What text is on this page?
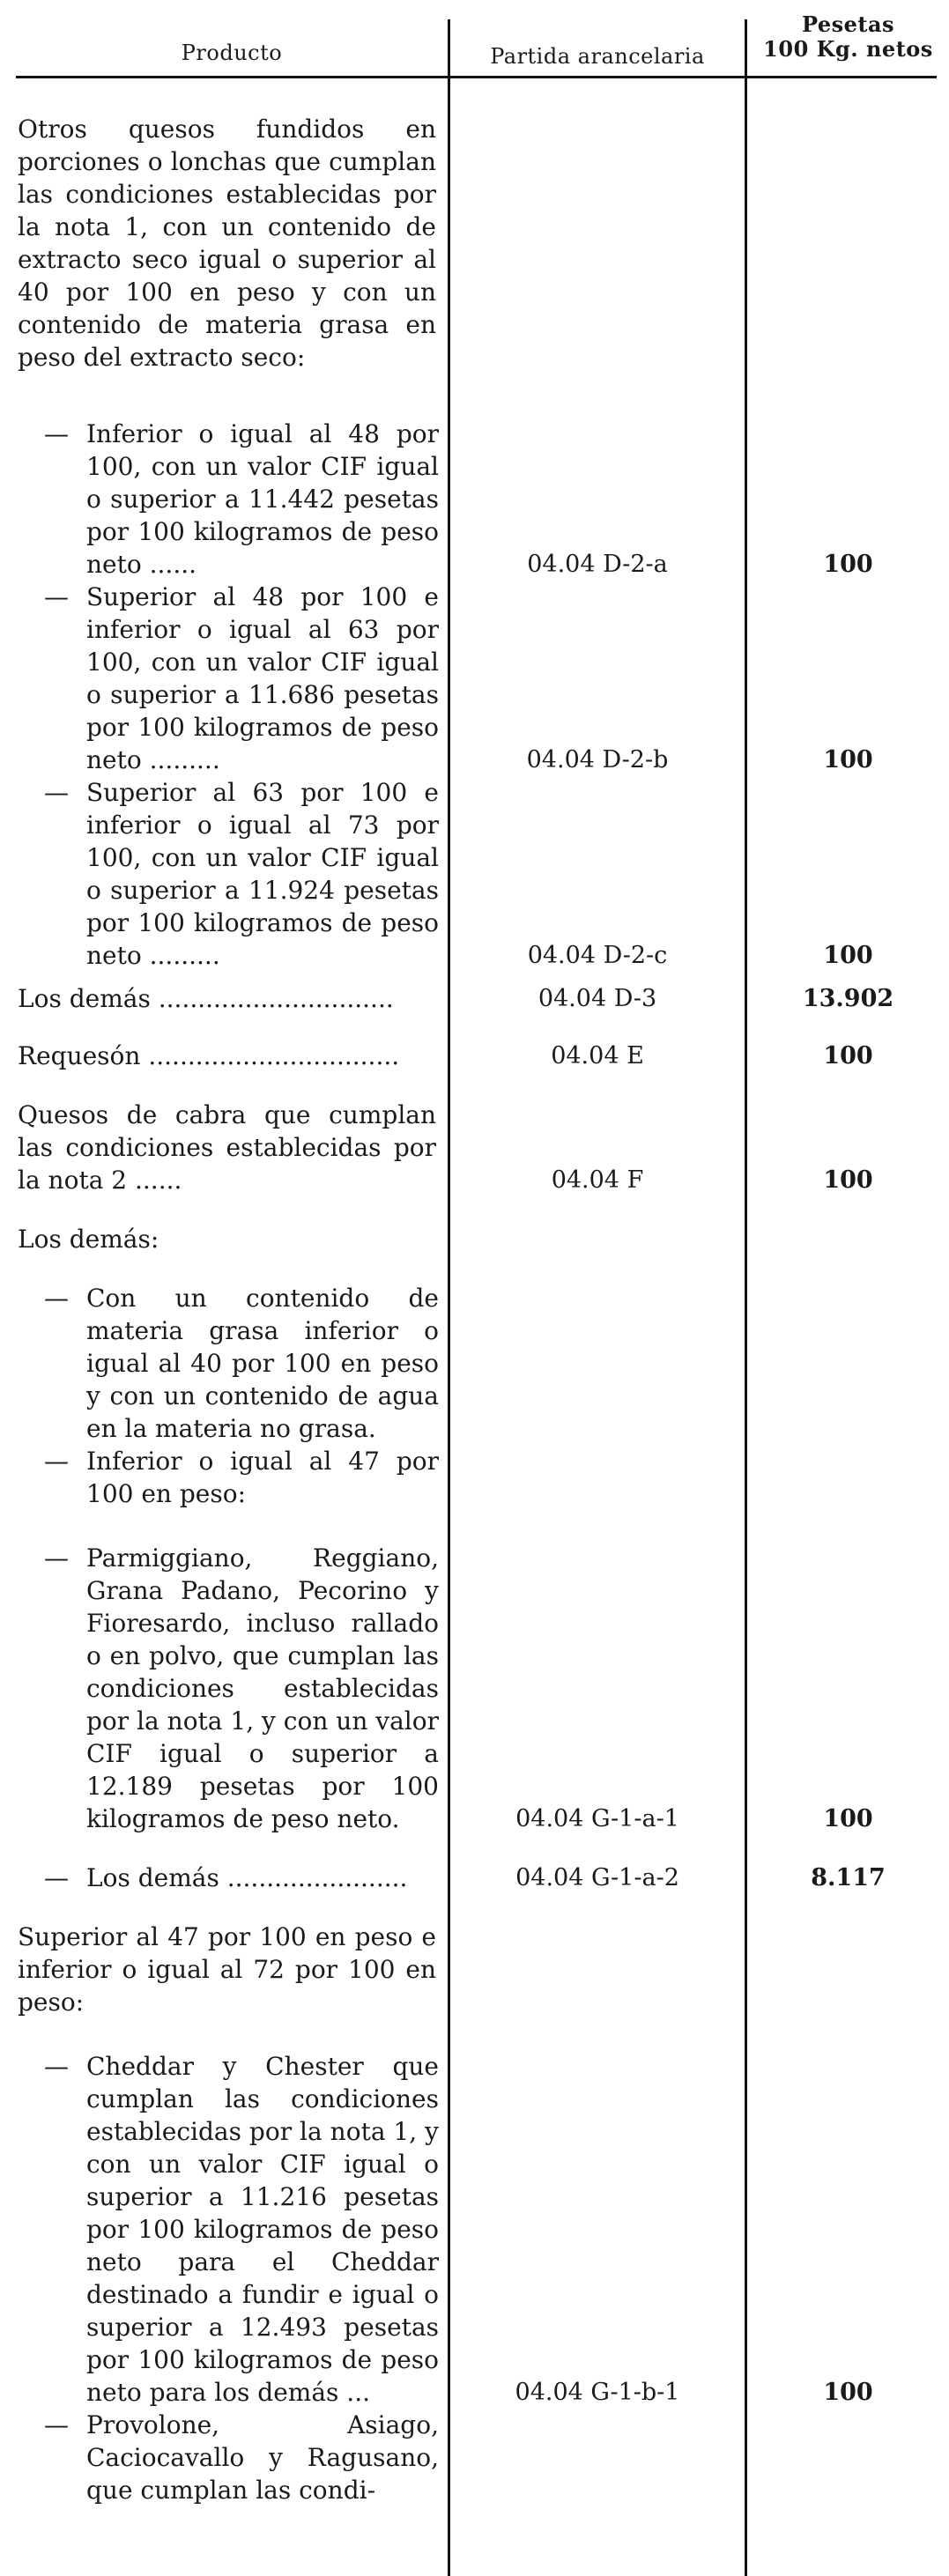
Producto	Partida arancelaria
Pesetas
100 Kg. netos
Otros quesos fundidos en porciones o lonchas que cumplan las condiciones establecidas por la nota 1, con un contenido de extracto seco igual o superior al 40 por 100 en peso y con un contenido de materia grasa en peso del extracto seco:
— Inferior o igual al 48 por 100, con un valor CIF igual o superior a 11.442 pesetas por 100 kilogramos de peso neto ......	04.04 D-2-a	100
— Superior al 48 por 100 e inferior o igual al 63 por 100, con un valor CIF igual o superior a 11.686 pesetas por 100 kilogramos de peso neto .........	04.04 D-2-b	100
— Superior al 63 por 100 e inferior o igual al 73 por 100, con un valor CIF igual o superior a 11.924 pesetas por 100 kilogramos de peso neto .........	04.04 D-2-c	100
Los demás ..............................	04.04 D-3	13.902
Requesón ................................	04.04 E	100
Quesos de cabra que cumplan las condiciones establecidas por la nota 2 ......	04.04 F	100
Los demás:
— Con un contenido de materia grasa inferior o igual al 40 por 100 en peso y con un contenido de agua en la materia no grasa.
— Inferior o igual al 47 por 100 en peso:
— Parmiggiano, Reggiano, Grana Padano, Pecorino y Fioresardo, incluso rallado o en polvo, que cumplan las condiciones establecidas por la nota 1, y con un valor CIF igual o superior a 12.189 pesetas por 100 kilogramos de peso neto.	04.04 G-1-a-1	100
— Los demás .......................	04.04 G-1-a-2	8.117
Superior al 47 por 100 en peso e inferior o igual al 72 por 100 en peso:
— Cheddar y Chester que cumplan las condiciones establecidas por la nota 1, y con un valor CIF igual o superior a 11.216 pesetas por 100 kilogramos de peso neto para el Cheddar destinado a fundir e igual o superior a 12.493 pesetas por 100 kilogramos de peso neto para los demás ...	04.04 G-1-b-1	100
— Provolone, Asiago, Caciocavallo y Ragusano, que cumplan las condi-
